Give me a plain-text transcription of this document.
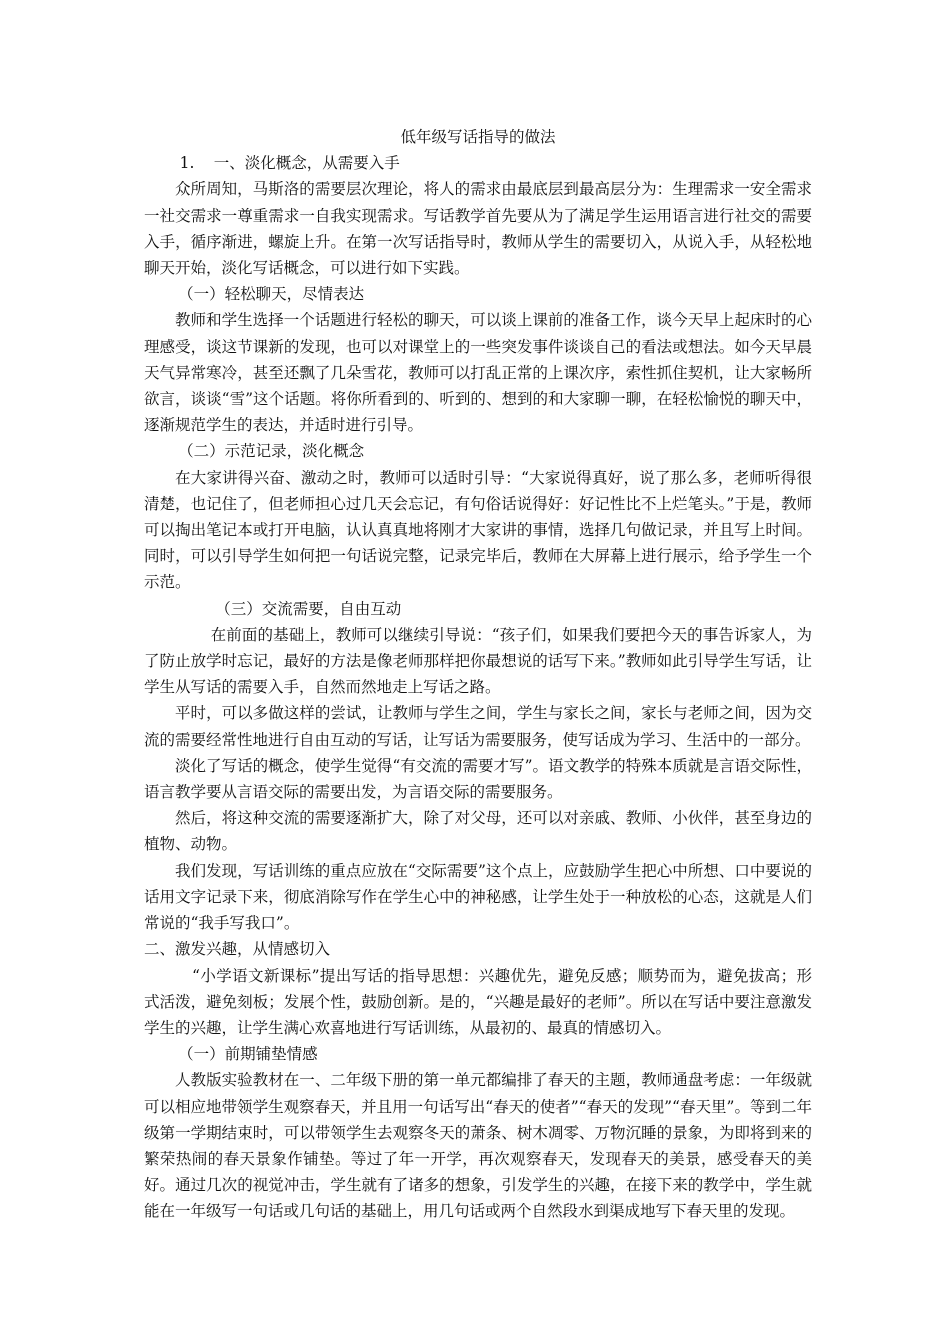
低年级写话指导的做法

1. 一、淡化概念，从需要入手

众所周知，马斯洛的需要层次理论，将人的需求由最底层到最高层分为：生理需求一安全需求一社交需求一尊重需求一自我实现需求。写话教学首先要从为了满足学生运用语言进行社交的需要入手，循序渐进，螺旋上升。在第一次写话指导时，教师从学生的需要切入，从说入手，从轻松地聊天开始，淡化写话概念，可以进行如下实践。

（一）轻松聊天，尽情表达

教师和学生选择一个话题进行轻松的聊天，可以谈上课前的准备工作，谈今天早上起床时的心理感受，谈这节课新的发现，也可以对课堂上的一些突发事件谈谈自己的看法或想法。如今天早晨天气异常寒冷，甚至还飘了几朵雪花，教师可以打乱正常的上课次序，索性抓住契机，让大家畅所欲言，谈谈“雪”这个话题。将你所看到的、听到的、想到的和大家聊一聊，在轻松愉悦的聊天中，逐渐规范学生的表达，并适时进行引导。

（二）示范记录，淡化概念

在大家讲得兴奋、激动之时，教师可以适时引导：“大家说得真好，说了那么多，老师听得很清楚，也记住了，但老师担心过几天会忘记，有句俗话说得好：好记性比不上烂笔头。”于是，教师可以掏出笔记本或打开电脑，认认真真地将刚才大家讲的事情，选择几句做记录，并且写上时间。同时，可以引导学生如何把一句话说完整，记录完毕后，教师在大屏幕上进行展示，给予学生一个示范。

（三）交流需要，自由互动

在前面的基础上，教师可以继续引导说：“孩子们，如果我们要把今天的事告诉家人，为了防止放学时忘记，最好的方法是像老师那样把你最想说的话写下来。”教师如此引导学生写话，让学生从写话的需要入手，自然而然地走上写话之路。

平时，可以多做这样的尝试，让教师与学生之间，学生与家长之间，家长与老师之间，因为交流的需要经常性地进行自由互动的写话，让写话为需要服务，使写话成为学习、生活中的一部分。

淡化了写话的概念，使学生觉得“有交流的需要才写”。语文教学的特殊本质就是言语交际性，语言教学要从言语交际的需要出发，为言语交际的需要服务。

然后，将这种交流的需要逐渐扩大，除了对父母，还可以对亲戚、教师、小伙伴，甚至身边的植物、动物。

我们发现，写话训练的重点应放在“交际需要”这个点上，应鼓励学生把心中所想、口中要说的话用文字记录下来，彻底消除写作在学生心中的神秘感，让学生处于一种放松的心态，这就是人们常说的“我手写我口”。

二、激发兴趣，从情感切入

“小学语文新课标”提出写话的指导思想：兴趣优先，避免反感；顺势而为，避免拔高；形式活泼，避免刻板；发展个性，鼓励创新。是的，“兴趣是最好的老师”。所以在写话中要注意激发学生的兴趣，让学生满心欢喜地进行写话训练，从最初的、最真的情感切入。

（一）前期铺垫情感

人教版实验教材在一、二年级下册的第一单元都编排了春天的主题，教师通盘考虑：一年级就可以相应地带领学生观察春天，并且用一句话写出“春天的使者”“春天的发现”“春天里”。等到二年级第一学期结束时，可以带领学生去观察冬天的萧条、树木凋零、万物沉睡的景象，为即将到来的繁荣热闹的春天景象作铺垫。等过了年一开学，再次观察春天，发现春天的美景，感受春天的美好。通过几次的视觉冲击，学生就有了诸多的想象，引发学生的兴趣，在接下来的教学中，学生就能在一年级写一句话或几句话的基础上，用几句话或两个自然段水到渠成地写下春天里的发现。
